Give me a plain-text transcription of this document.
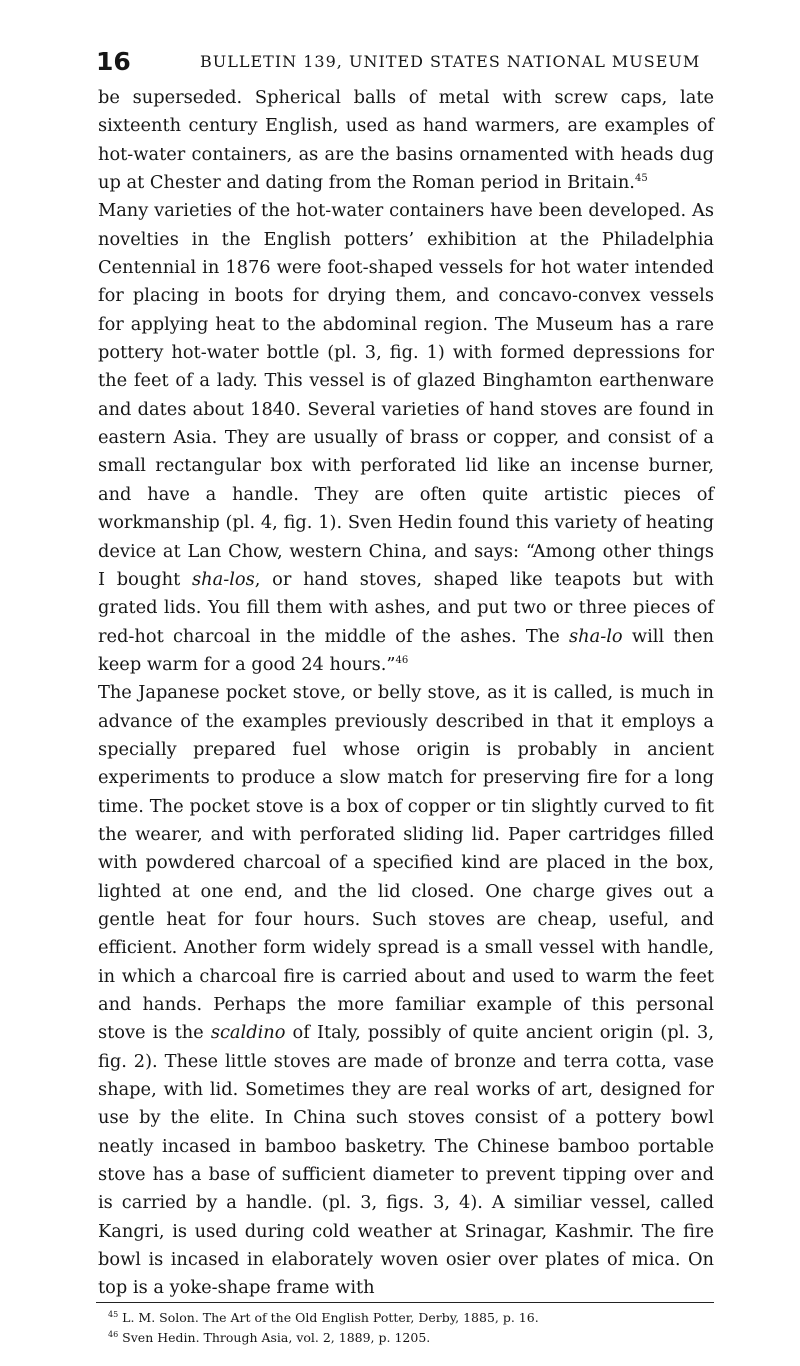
16	BULLETIN 139, UNITED STATES NATIONAL MUSEUM

be superseded. Spherical balls of metal with screw caps, late sixteenth century English, used as hand warmers, are examples of hot-water containers, as are the basins ornamented with heads dug up at Chester and dating from the Roman period in Britain.$^{45}$

Many varieties of the hot-water containers have been developed. As novelties in the English potters’ exhibition at the Philadelphia Centennial in 1876 were foot-shaped vessels for hot water intended for placing in boots for drying them, and concavo-convex vessels for applying heat to the abdominal region. The Museum has a rare pottery hot-water bottle (pl. 3, fig. 1) with formed depressions for the feet of a lady. This vessel is of glazed Binghamton earthenware and dates about 1840. Several varieties of hand stoves are found in eastern Asia. They are usually of brass or copper, and consist of a small rectangular box with perforated lid like an incense burner, and have a handle. They are often quite artistic pieces of workmanship (pl. 4, fig. 1). Sven Hedin found this variety of heating device at Lan Chow, western China, and says: “Among other things I bought sha-los, or hand stoves, shaped like teapots but with grated lids. You fill them with ashes, and put two or three pieces of red-hot charcoal in the middle of the ashes. The sha-lo will then keep warm for a good 24 hours.”$^{46}$

The Japanese pocket stove, or belly stove, as it is called, is much in advance of the examples previously described in that it employs a specially prepared fuel whose origin is probably in ancient experiments to produce a slow match for preserving fire for a long time. The pocket stove is a box of copper or tin slightly curved to fit the wearer, and with perforated sliding lid. Paper cartridges filled with powdered charcoal of a specified kind are placed in the box, lighted at one end, and the lid closed. One charge gives out a gentle heat for four hours. Such stoves are cheap, useful, and efficient. Another form widely spread is a small vessel with handle, in which a charcoal fire is carried about and used to warm the feet and hands. Perhaps the more familiar example of this personal stove is the scaldino of Italy, possibly of quite ancient origin (pl. 3, fig. 2). These little stoves are made of bronze and terra cotta, vase shape, with lid. Sometimes they are real works of art, designed for use by the elite. In China such stoves consist of a pottery bowl neatly incased in bamboo basketry. The Chinese bamboo portable stove has a base of sufficient diameter to prevent tipping over and is carried by a handle. (pl. 3, figs. 3, 4). A similiar vessel, called Kangri, is used during cold weather at Srinagar, Kashmir. The fire bowl is incased in elaborately woven osier over plates of mica. On top is a yoke-shape frame with

$^{45}$ L. M. Solon. The Art of the Old English Potter, Derby, 1885, p. 16.
$^{46}$ Sven Hedin. Through Asia, vol. 2, 1889, p. 1205.
